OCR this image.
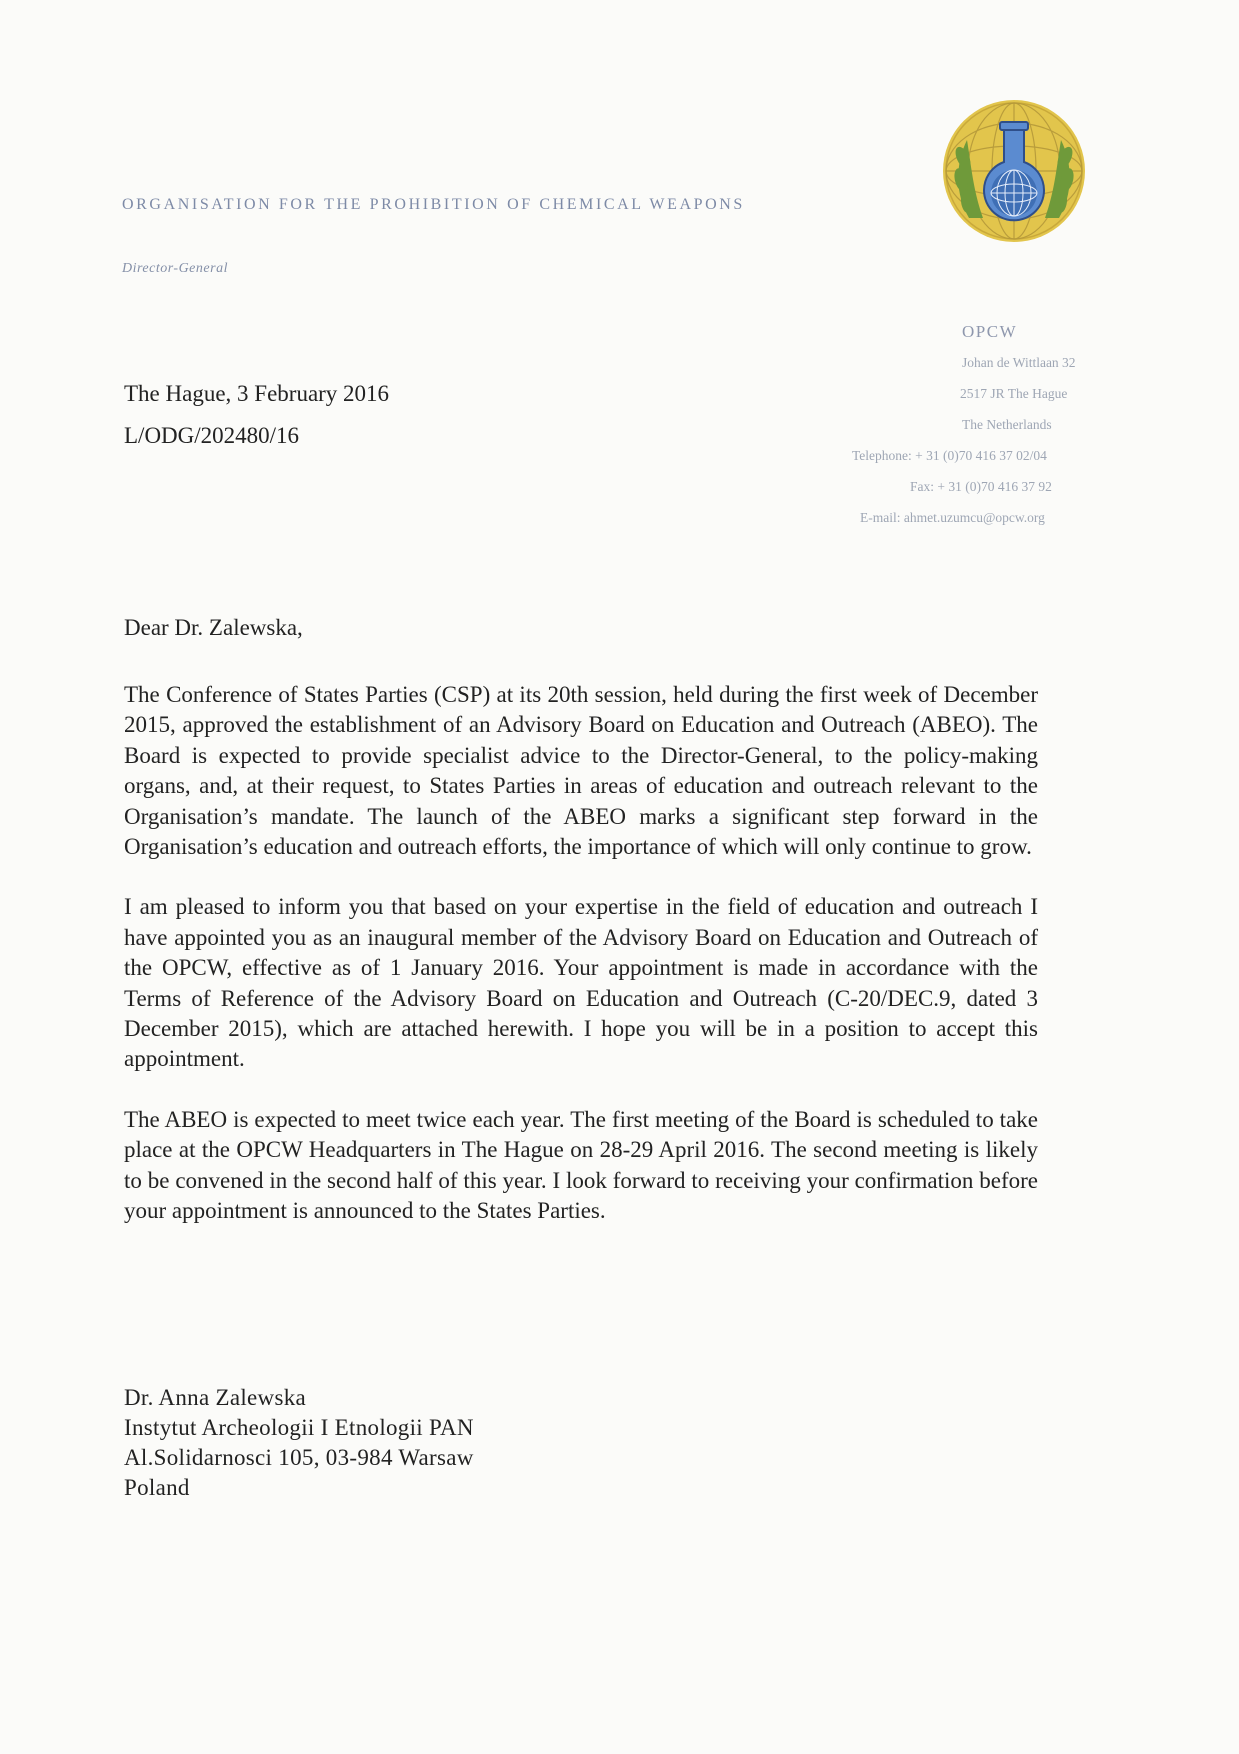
ORGANISATION FOR THE PROHIBITION OF CHEMICAL WEAPONS
Director-General
OPCW
Johan de Wittlaan 32
2517 JR The Hague
The Netherlands
Telephone: + 31 (0)70 416 37 02/04
Fax: + 31 (0)70 416 37 92
E-mail: ahmet.uzumcu@opcw.org
The Hague, 3 February 2016
L/ODG/202480/16
Dear Dr. Zalewska,

The Conference of States Parties (CSP) at its 20th session, held during the first week of December 2015, approved the establishment of an Advisory Board on Education and Outreach (ABEO). The Board is expected to provide specialist advice to the Director-General, to the policy-making organs, and, at their request, to States Parties in areas of education and outreach relevant to the Organisation’s mandate. The launch of the ABEO marks a significant step forward in the Organisation’s education and outreach efforts, the importance of which will only continue to grow.

I am pleased to inform you that based on your expertise in the field of education and outreach I have appointed you as an inaugural member of the Advisory Board on Education and Outreach of the OPCW, effective as of 1 January 2016. Your appointment is made in accordance with the Terms of Reference of the Advisory Board on Education and Outreach (C-20/DEC.9, dated 3 December 2015), which are attached herewith. I hope you will be in a position to accept this appointment.

The ABEO is expected to meet twice each year. The first meeting of the Board is scheduled to take place at the OPCW Headquarters in The Hague on 28-29 April 2016. The second meeting is likely to be convened in the second half of this year. I look forward to receiving your confirmation before your appointment is announced to the States Parties.

Dr. Anna Zalewska
Instytut Archeologii I Etnologii PAN
Al.Solidarnosci 105, 03-984 Warsaw
Poland
